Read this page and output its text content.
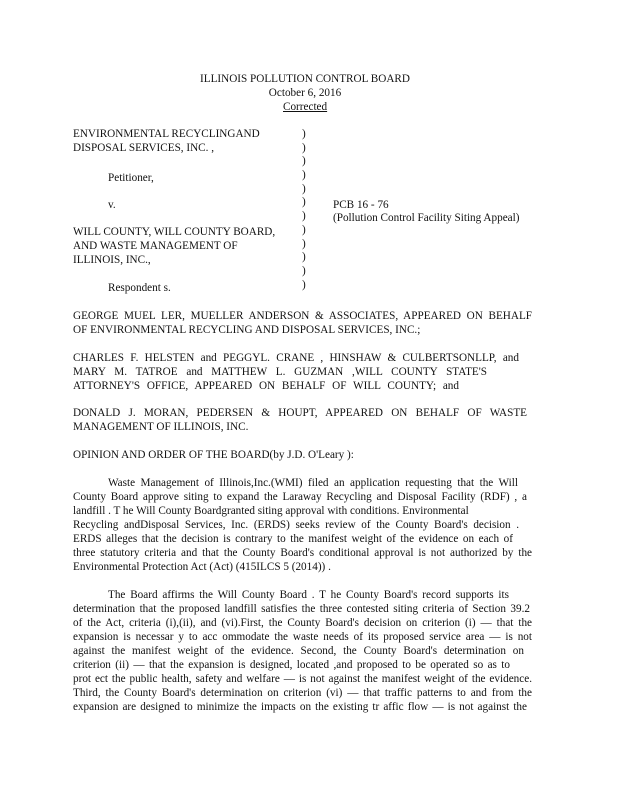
ILLINOIS POLLUTION CONTROL BOARD
October 6, 2016
Corrected
ENVIRONMENTAL RECYCLINGAND
DISPOSAL SERVICES, INC. ,
Petitioner,
v.
WILL COUNTY, WILL COUNTY BOARD,
AND WASTE MANAGEMENT OF
ILLINOIS, INC.,
Respondent s.
)
)
)
)
)
)
)
)
)
)
)
)
PCB 16 - 76
(Pollution Control Facility Siting Appeal)
GEORGE MUEL LER, MUELLER ANDERSON & ASSOCIATES, APPEARED ON BEHALF
OF ENVIRONMENTAL RECYCLING AND DISPOSAL SERVICES, INC.;
CHARLES F. HELSTEN and PEGGYL. CRANE , HINSHAW & CULBERTSONLLP, and
MARY M. TATROE and MATTHEW L. GUZMAN ,WILL COUNTY STATE'S
ATTORNEY'S OFFICE, APPEARED ON BEHALF OF WILL COUNTY; and
DONALD J. MORAN, PEDERSEN & HOUPT, APPEARED ON BEHALF OF WASTE
MANAGEMENT OF ILLINOIS, INC.
OPINION AND ORDER OF THE BOARD(by J.D. O'Leary ):
Waste Management of Illinois,Inc.(WMI) filed an application requesting that the Will
County Board approve siting to expand the Laraway Recycling and Disposal Facility (RDF) , a
landfill . T he Will County Boardgranted siting approval with conditions. Environmental
Recycling andDisposal Services, Inc. (ERDS) seeks review of the County Board's decision .
ERDS alleges that the decision is contrary to the manifest weight of the evidence on each of
three statutory criteria and that the County Board's conditional approval is not authorized by the
Environmental Protection Act (Act) (415ILCS 5 (2014)) .
The Board affirms the Will County Board . T he County Board's record supports its
determination that the proposed landfill satisfies the three contested siting criteria of Section 39.2
of the Act, criteria (i),(ii), and (vi).First, the County Board's decision on criterion (i) — that the
expansion is necessar y to acc ommodate the waste needs of its proposed service area — is not
against the manifest weight of the evidence. Second, the County Board's determination on
criterion (ii) — that the expansion is designed, located ,and proposed to be operated so as to
prot ect the public health, safety and welfare — is not against the manifest weight of the evidence.
Third, the County Board's determination on criterion (vi) — that traffic patterns to and from the
expansion are designed to minimize the impacts on the existing tr affic flow — is not against the
